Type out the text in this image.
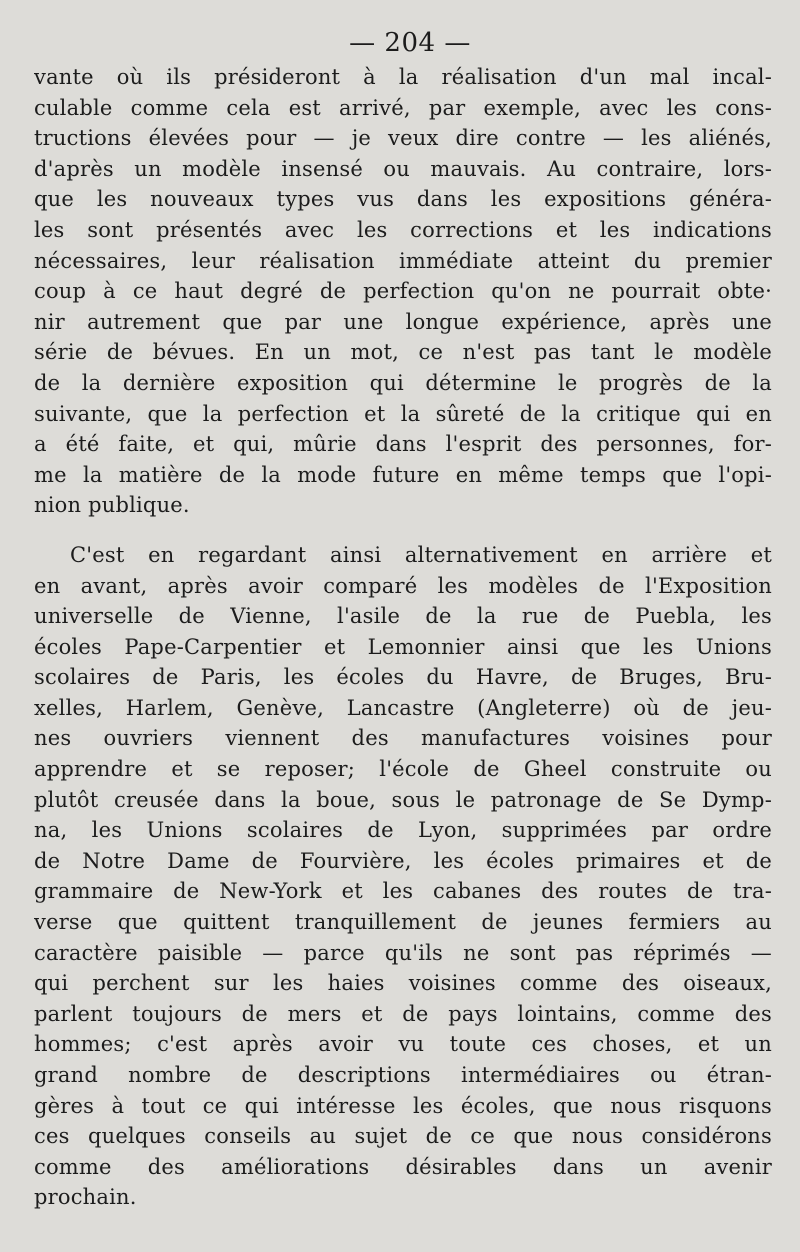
— 204 —
vante où ils présideront à la réalisation d'un mal incal-
culable comme cela est arrivé, par exemple, avec les cons-
tructions élevées pour — je veux dire contre — les aliénés,
d'après un modèle insensé ou mauvais. Au contraire, lors-
que les nouveaux types vus dans les expositions généra-
les sont présentés avec les corrections et les indications
nécessaires, leur réalisation immédiate atteint du premier
coup à ce haut degré de perfection qu'on ne pourrait obte·
nir autrement que par une longue expérience, après une
série de bévues. En un mot, ce n'est pas tant le modèle
de la dernière exposition qui détermine le progrès de la
suivante, que la perfection et la sûreté de la critique qui en
a été faite, et qui, mûrie dans l'esprit des personnes, for-
me la matière de la mode future en même temps que l'opi-
nion publique.
C'est en regardant ainsi alternativement en arrière et
en avant, après avoir comparé les modèles de l'Exposition
universelle de Vienne, l'asile de la rue de Puebla, les
écoles Pape-Carpentier et Lemonnier ainsi que les Unions
scolaires de Paris, les écoles du Havre, de Bruges, Bru-
xelles, Harlem, Genève, Lancastre (Angleterre) où de jeu-
nes ouvriers viennent des manufactures voisines pour
apprendre et se reposer; l'école de Gheel construite ou
plutôt creusée dans la boue, sous le patronage de Se Dymp-
na, les Unions scolaires de Lyon, supprimées par ordre
de Notre Dame de Fourvière, les écoles primaires et de
grammaire de New-York et les cabanes des routes de tra-
verse que quittent tranquillement de jeunes fermiers au
caractère paisible — parce qu'ils ne sont pas réprimés —
qui perchent sur les haies voisines comme des oiseaux,
parlent toujours de mers et de pays lointains, comme des
hommes; c'est après avoir vu toute ces choses, et un
grand nombre de descriptions intermédiaires ou étran-
gères à tout ce qui intéresse les écoles, que nous risquons
ces quelques conseils au sujet de ce que nous considérons
comme des améliorations désirables dans un avenir
prochain.
